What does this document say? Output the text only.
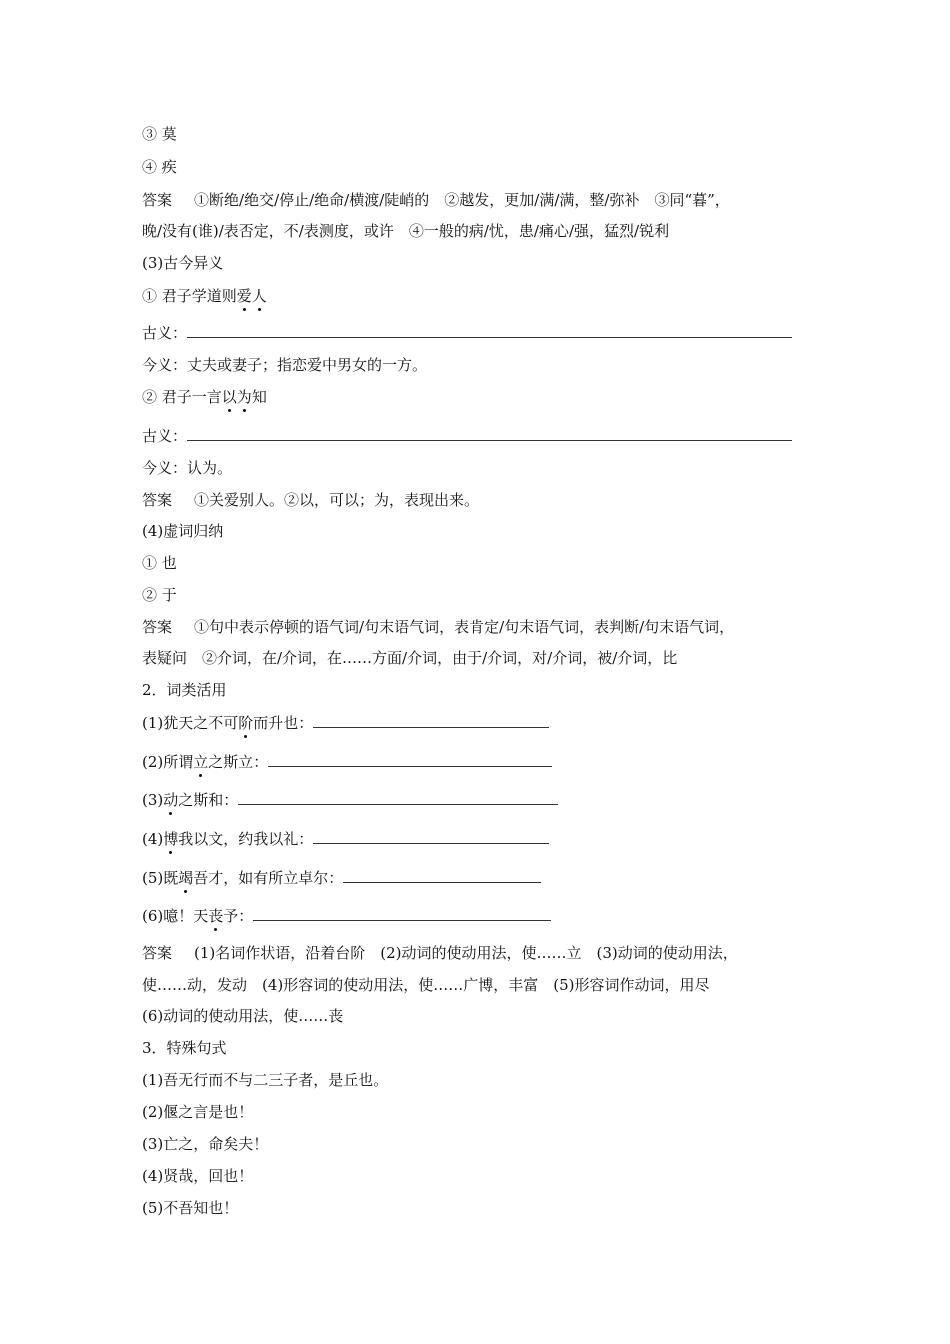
③ 莫
④ 疾
答案 ①断绝/绝交/停止/绝命/横渡/陡峭的　②越发，更加/满/满，整/弥补　③同“暮”，
晚/没有(谁)/表否定，不/表测度，或许　④一般的病/忧，患/痛心/强，猛烈/锐利
(3)古今异义
① 君子学道则爱人
古义：
今义：丈夫或妻子；指恋爱中男女的一方。
② 君子一言以为知
古义：
今义：认为。
答案 ①关爱别人。②以，可以；为，表现出来。
(4)虚词归纳
① 也
② 于
答案 ①句中表示停顿的语气词/句末语气词，表肯定/句末语气词，表判断/句末语气词，
表疑问　②介词，在/介词，在……方面/介词，由于/介词，对/介词，被/介词，比
2．词类活用
(1)犹天之不可阶而升也：
(2)所谓立之斯立：
(3)动之斯和：
(4)博我以文，约我以礼：
(5)既竭吾才，如有所立卓尔：
(6)噫！天丧予：
答案 (1)名词作状语，沿着台阶　(2)动词的使动用法，使……立　(3)动词的使动用法，
使……动，发动　(4)形容词的使动用法，使……广博，丰富　(5)形容词作动词，用尽
(6)动词的使动用法，使……丧
3．特殊句式
(1)吾无行而不与二三子者，是丘也。
(2)偃之言是也！
(3)亡之，命矣夫！
(4)贤哉，回也！
(5)不吾知也！
